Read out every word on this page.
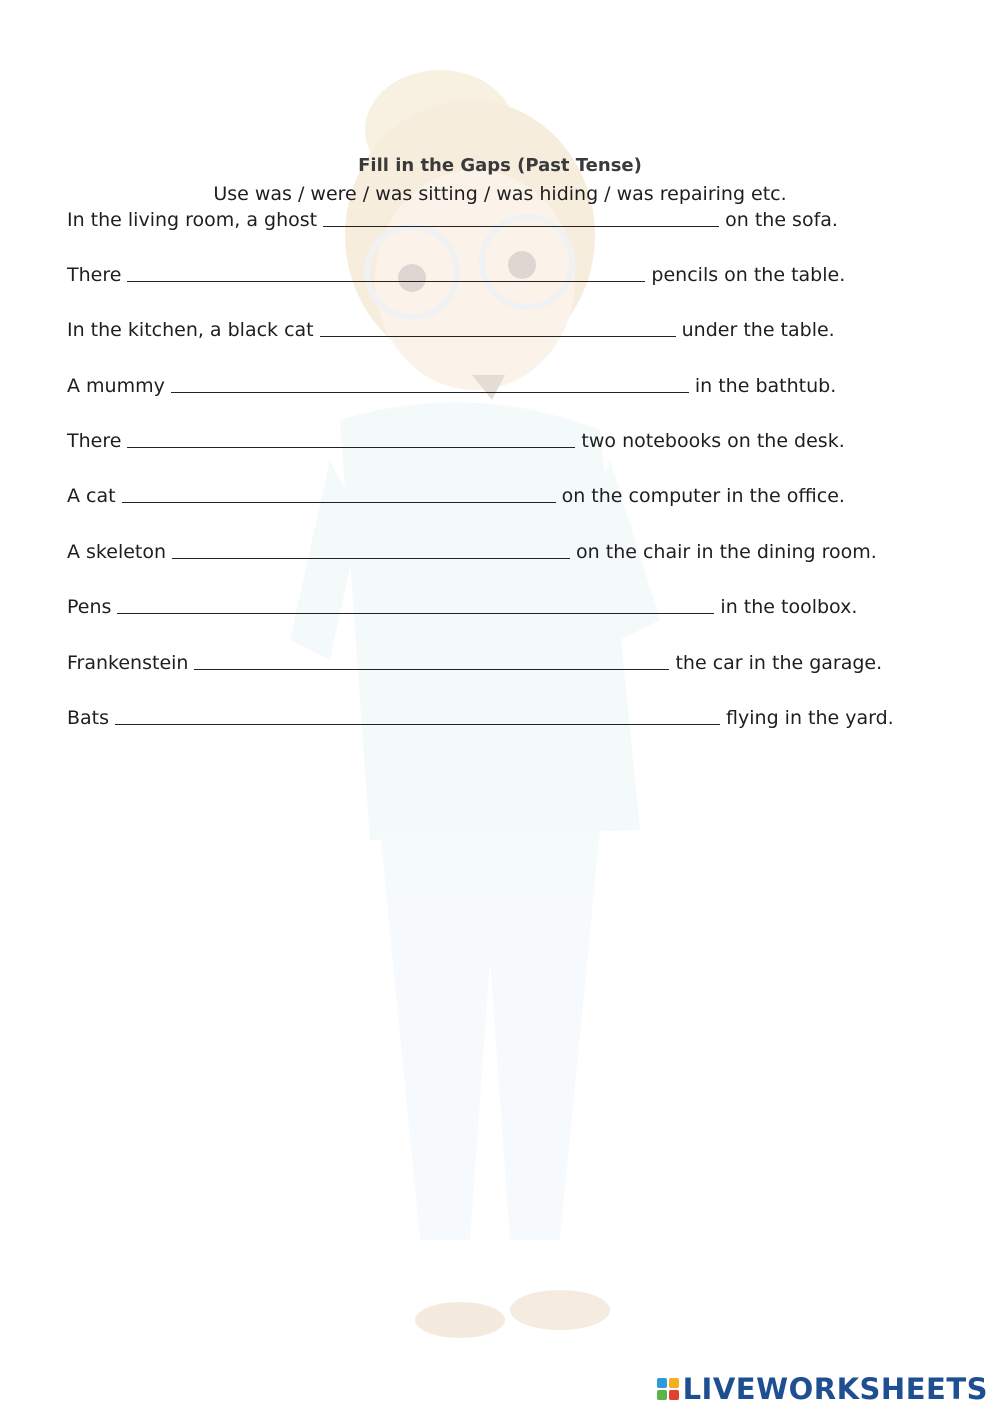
Fill in the Gaps (Past Tense)
Use was / were / was sitting / was hiding / was repairing etc.
In the living room, a ghost	on the sofa.
There	pencils on the table.
In the kitchen, a black cat	under the table.
A mummy	in the bathtub.
There	two notebooks on the desk.
A cat	on the computer in the office.
A skeleton	on the chair in the dining room.
Pens	in the toolbox.
Frankenstein	the car in the garage.
Bats	flying in the yard.
LIVEWORKSHEETS
